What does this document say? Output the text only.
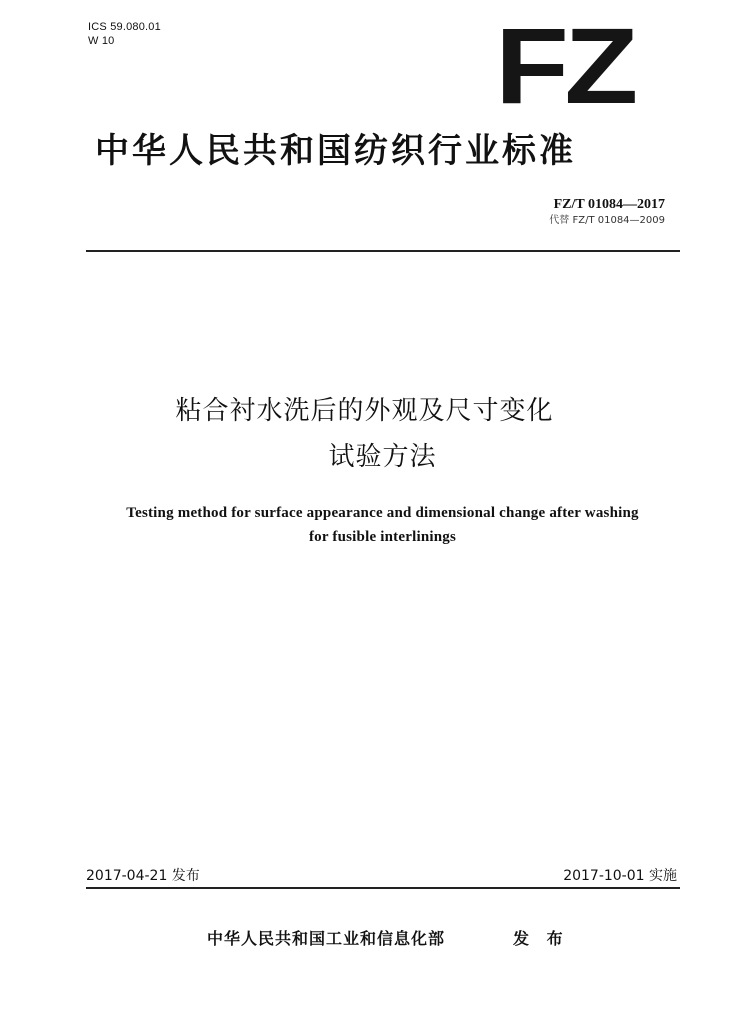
ICS 59.080.01
W 10	FZ
中华人民共和国纺织行业标准
FZ/T 01084—2017
代替 FZ/T 01084—2009
粘合衬水洗后的外观及尺寸变化
试验方法
Testing method for surface appearance and dimensional change after washing
for fusible interlinings
2017-04-21 发布	2017-10-01 实施
中华人民共和国工业和信息化部	发 布
